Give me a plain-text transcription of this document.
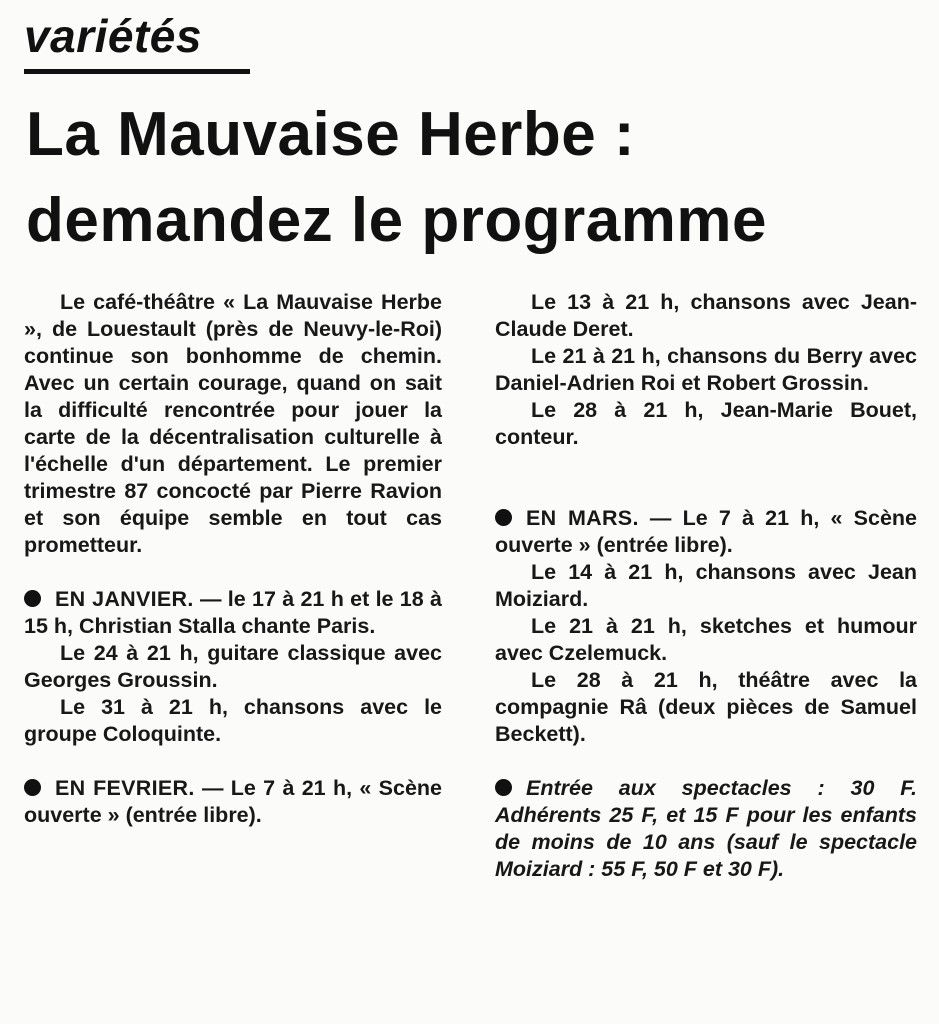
variétés
La Mauvaise Herbe :
demandez le programme

Le café-théâtre « La Mauvaise Herbe », de Louestault (près de Neuvy-le-Roi) continue son bonhomme de chemin. Avec un certain courage, quand on sait la difficulté rencontrée pour jouer la carte de la décentralisation culturelle à l'échelle d'un département. Le premier trimestre 87 concocté par Pierre Ravion et son équipe semble en tout cas prometteur.

EN JANVIER. — le 17 à 21 h et le 18 à 15 h, Christian Stalla chante Paris.

Le 24 à 21 h, guitare classique avec Georges Groussin.

Le 31 à 21 h, chansons avec le groupe Coloquinte.

EN FEVRIER. — Le 7 à 21 h, « Scène ouverte » (entrée libre).

Le 13 à 21 h, chansons avec Jean-Claude Deret.

Le 21 à 21 h, chansons du Berry avec Daniel-Adrien Roi et Robert Grossin.

Le 28 à 21 h, Jean-Marie Bouet, conteur.

EN MARS. — Le 7 à 21 h, « Scène ouverte » (entrée libre).

Le 14 à 21 h, chansons avec Jean Moiziard.

Le 21 à 21 h, sketches et humour avec Czelemuck.

Le 28 à 21 h, théâtre avec la compagnie Râ (deux pièces de Samuel Beckett).

Entrée aux spectacles : 30 F. Adhérents 25 F, et 15 F pour les enfants de moins de 10 ans (sauf le spectacle Moiziard : 55 F, 50 F et 30 F).
